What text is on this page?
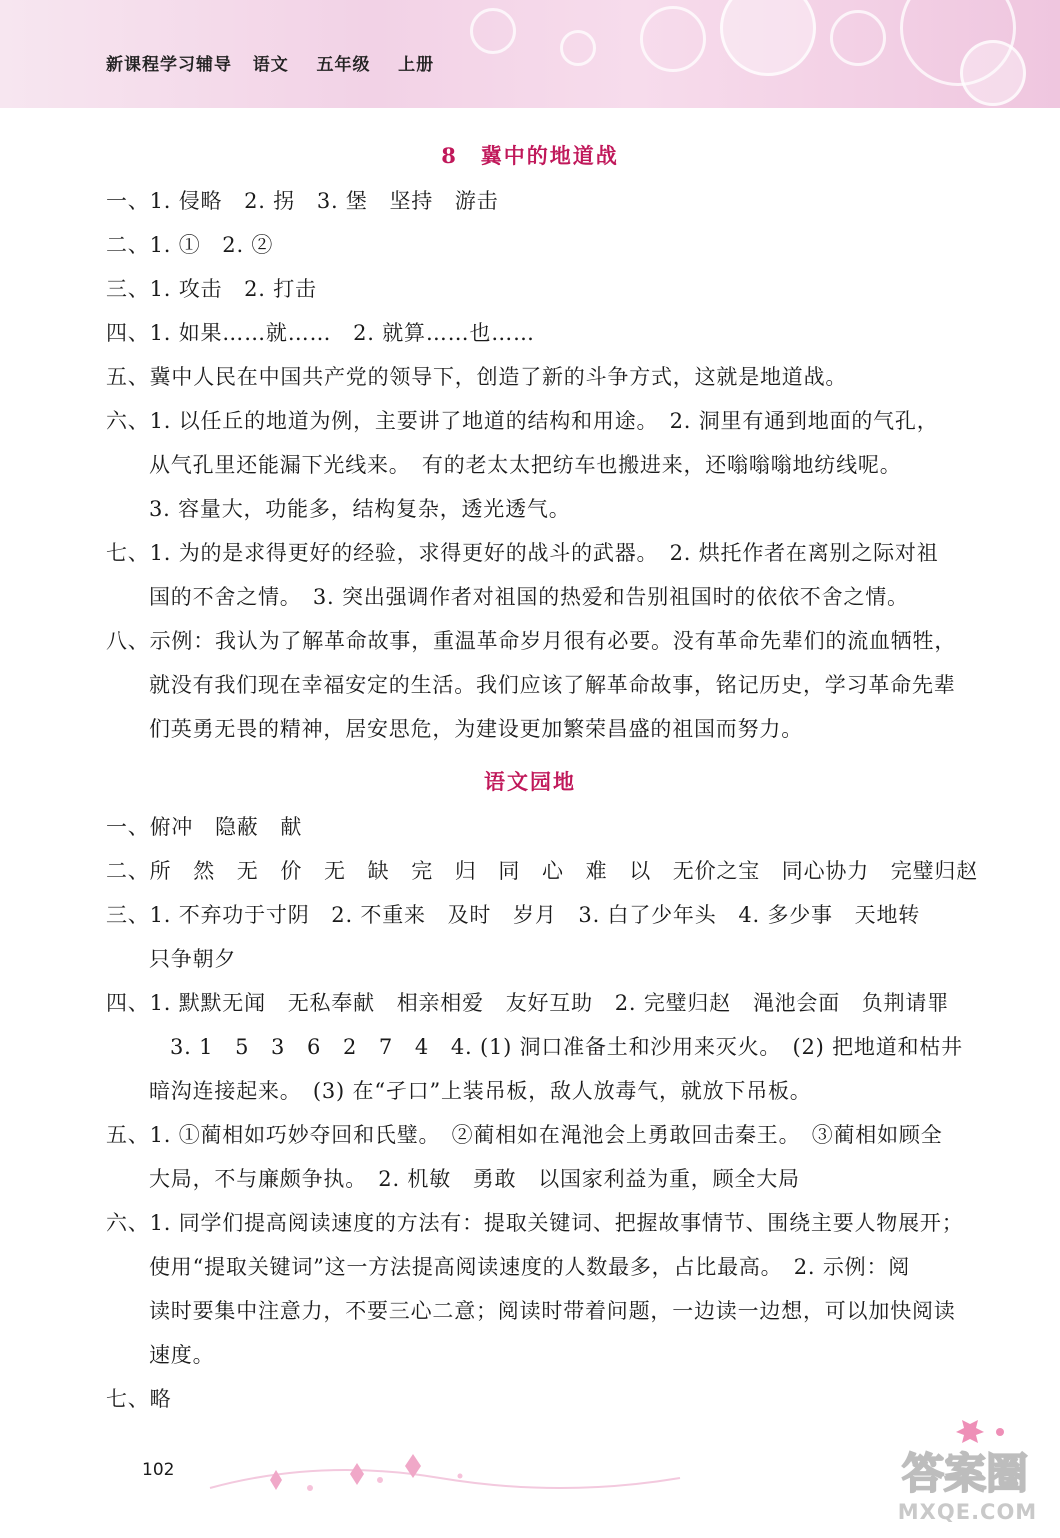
新课程学习辅导 语文 五年级 上册
8　冀中的地道战
一、1. 侵略　2. 拐　3. 堡　坚持　游击
二、1. ①　2. ②
三、1. 攻击　2. 打击
四、1. 如果……就……　2. 就算……也……
五、冀中人民在中国共产党的领导下，创造了新的斗争方式，这就是地道战。
六、1. 以任丘的地道为例，主要讲了地道的结构和用途。　2. 洞里有通到地面的气孔，
从气孔里还能漏下光线来。　有的老太太把纺车也搬进来，还嗡嗡嗡地纺线呢。
3. 容量大，功能多，结构复杂，透光透气。
七、1. 为的是求得更好的经验，求得更好的战斗的武器。　2. 烘托作者在离别之际对祖
国的不舍之情。　3. 突出强调作者对祖国的热爱和告别祖国时的依依不舍之情。
八、示例：我认为了解革命故事，重温革命岁月很有必要。没有革命先辈们的流血牺牲，
就没有我们现在幸福安定的生活。我们应该了解革命故事，铭记历史，学习革命先辈
们英勇无畏的精神，居安思危，为建设更加繁荣昌盛的祖国而努力。
语文园地
一、俯冲　隐蔽　献
二、所　然　无　价　无　缺　完　归　同　心　难　以　无价之宝　同心协力　完璧归赵
三、1. 不弃功于寸阴　2. 不重来　及时　岁月　3. 白了少年头　4. 多少事　天地转
只争朝夕
四、1. 默默无闻　无私奉献　相亲相爱　友好互助　2. 完璧归赵　渑池会面　负荆请罪
3. 1　5　3　6　2　7　4　4. (1) 洞口准备土和沙用来灭火。　(2) 把地道和枯井
暗沟连接起来。　(3) 在“孑口”上装吊板，敌人放毒气，就放下吊板。
五、1. ①蔺相如巧妙夺回和氏璧。　②蔺相如在渑池会上勇敢回击秦王。　③蔺相如顾全
大局，不与廉颇争执。　2. 机敏　勇敢　以国家利益为重，顾全大局
六、1. 同学们提高阅读速度的方法有：提取关键词、把握故事情节、围绕主要人物展开；
使用“提取关键词”这一方法提高阅读速度的人数最多，占比最高。　2. 示例：阅
读时要集中注意力，不要三心二意；阅读时带着问题，一边读一边想，可以加快阅读
速度。
七、略
102	答案圈
MXQE.COM
